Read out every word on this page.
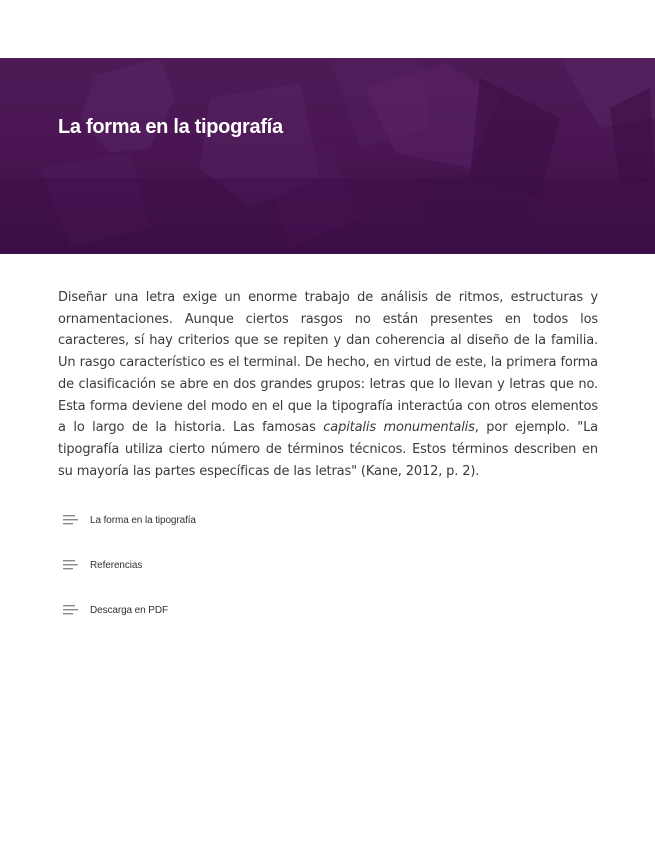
La forma en la tipografía

Diseñar una letra exige un enorme trabajo de análisis de ritmos, estructuras y ornamentaciones. Aunque ciertos rasgos no están presentes en todos los caracteres, sí hay criterios que se repiten y dan coherencia al diseño de la familia. Un rasgo característico es el terminal. De hecho, en virtud de este, la primera forma de clasificación se abre en dos grandes grupos: letras que lo llevan y letras que no. Esta forma deviene del modo en el que la tipografía interactúa con otros elementos a lo largo de la historia. Las famosas capitalis monumentalis, por ejemplo. "La tipografía utiliza cierto número de términos técnicos. Estos términos describen en su mayoría las partes específicas de las letras" (Kane, 2012, p. 2).

La forma en la tipografía
Referencias
Descarga en PDF
